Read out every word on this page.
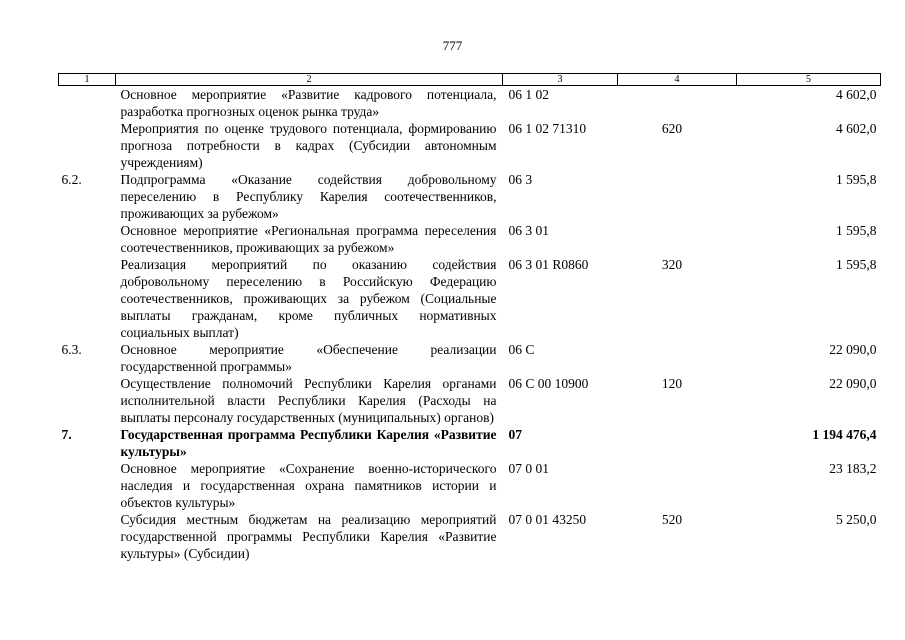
777
1	2	3	4	5
	Основное мероприятие «Развитие кадрового потенциала, разработка прогнозных оценок рынка труда»	06 1 02		4 602,0
	Мероприятия по оценке трудового потенциала, формированию прогноза потребности в кадрах (Субсидии автономным учреждениям)	06 1 02 71310	620	4 602,0
6.2.	Подпрограмма «Оказание содействия добровольному переселению в Республику Карелия соотечественников, проживающих за рубежом»	06 3		1 595,8
	Основное мероприятие «Региональная программа переселения соотечественников, проживающих за рубежом»	06 3 01		1 595,8
	Реализация мероприятий по оказанию содействия добровольному переселению в Российскую Федерацию соотечественников, проживающих за рубежом (Социальные выплаты гражданам, кроме публичных нормативных социальных выплат)	06 3 01 R0860	320	1 595,8
6.3.	Основное мероприятие «Обеспечение реализации государственной программы»	06 С		22 090,0
	Осуществление полномочий Республики Карелия органами исполнительной власти Республики Карелия (Расходы на выплаты персоналу государственных (муниципальных) органов)	06 С 00 10900	120	22 090,0
7.	Государственная программа Республики Карелия «Развитие культуры»	07		1 194 476,4
	Основное мероприятие «Сохранение военно-исторического наследия и государственная охрана памятников истории и объектов культуры»	07 0 01		23 183,2
	Субсидия местным бюджетам на реализацию мероприятий государственной программы Республики Карелия «Развитие культуры» (Субсидии)	07 0 01 43250	520	5 250,0
